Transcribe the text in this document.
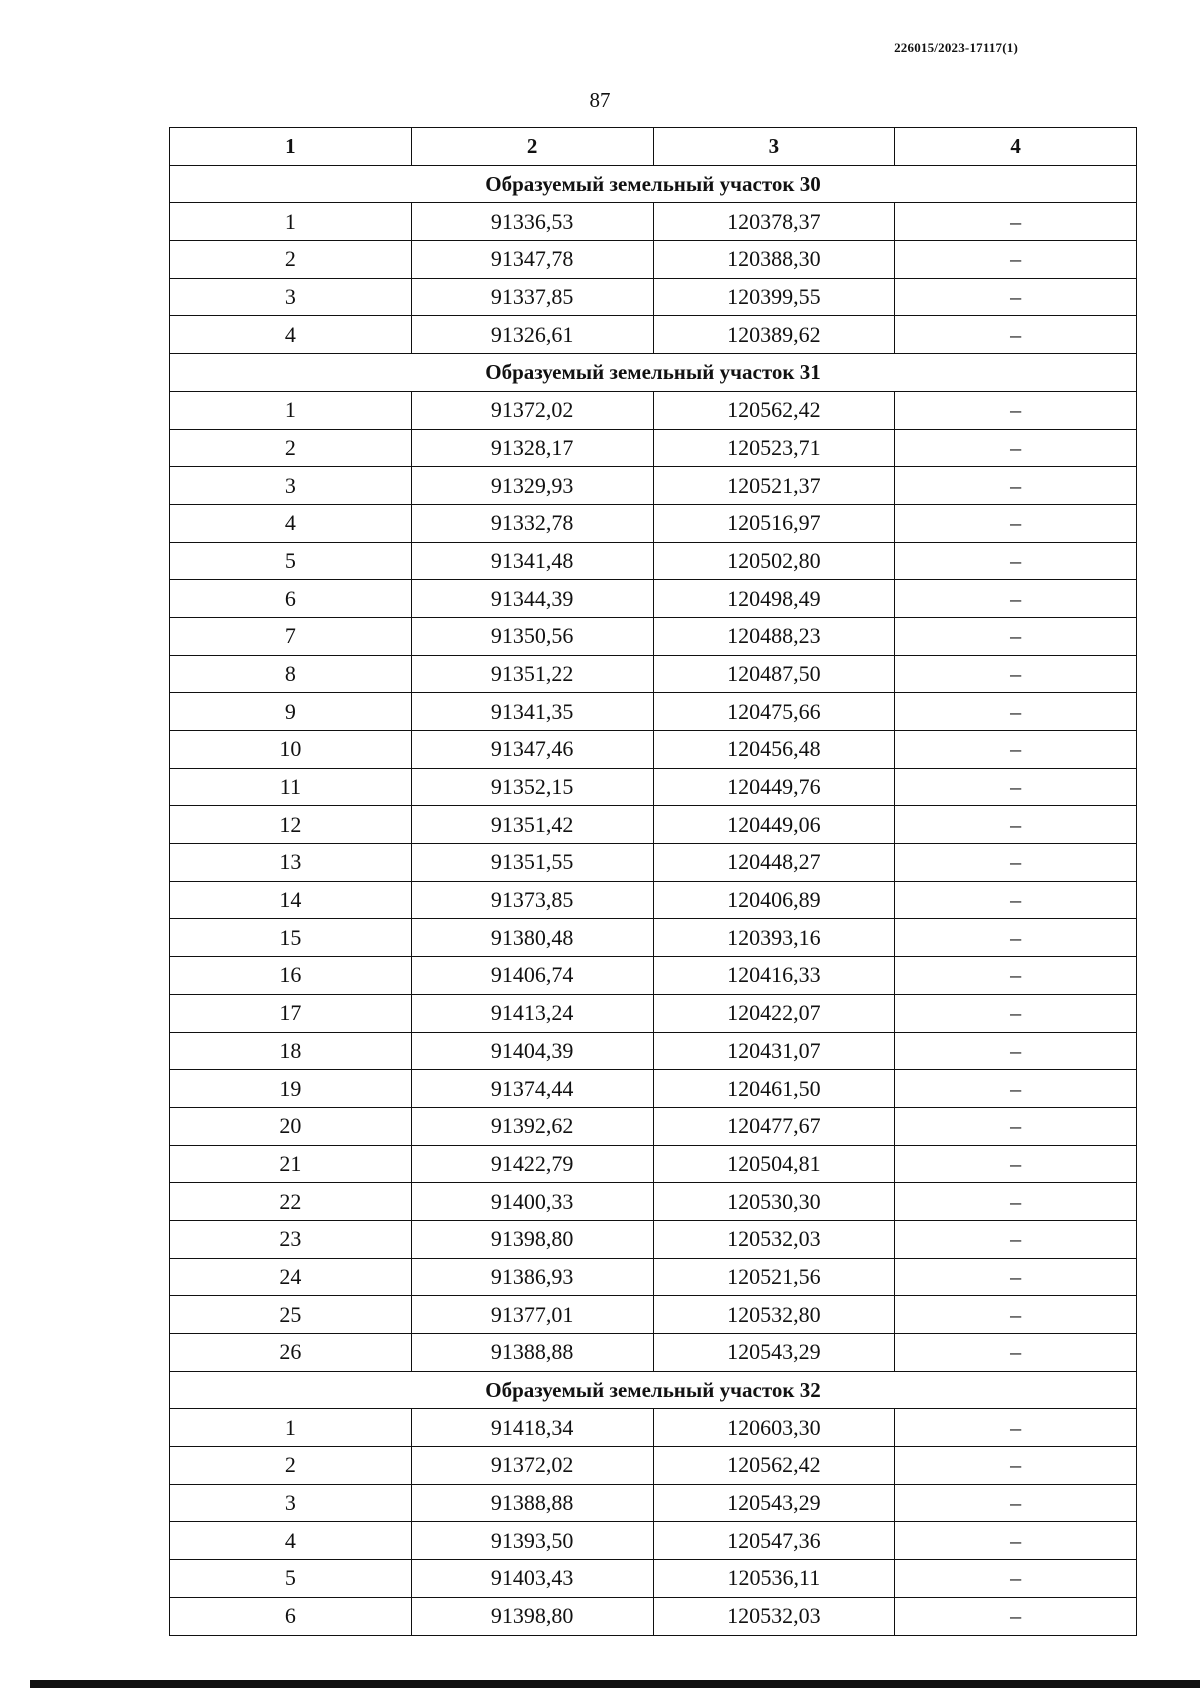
226015/2023-17117(1)
87
1	2	3	4
Образуемый земельный участок 30			
1	91336,53	120378,37	–
2	91347,78	120388,30	–
3	91337,85	120399,55	–
4	91326,61	120389,62	–
Образуемый земельный участок 31			
1	91372,02	120562,42	–
2	91328,17	120523,71	–
3	91329,93	120521,37	–
4	91332,78	120516,97	–
5	91341,48	120502,80	–
6	91344,39	120498,49	–
7	91350,56	120488,23	–
8	91351,22	120487,50	–
9	91341,35	120475,66	–
10	91347,46	120456,48	–
11	91352,15	120449,76	–
12	91351,42	120449,06	–
13	91351,55	120448,27	–
14	91373,85	120406,89	–
15	91380,48	120393,16	–
16	91406,74	120416,33	–
17	91413,24	120422,07	–
18	91404,39	120431,07	–
19	91374,44	120461,50	–
20	91392,62	120477,67	–
21	91422,79	120504,81	–
22	91400,33	120530,30	–
23	91398,80	120532,03	–
24	91386,93	120521,56	–
25	91377,01	120532,80	–
26	91388,88	120543,29	–
Образуемый земельный участок 32			
1	91418,34	120603,30	–
2	91372,02	120562,42	–
3	91388,88	120543,29	–
4	91393,50	120547,36	–
5	91403,43	120536,11	–
6	91398,80	120532,03	–
